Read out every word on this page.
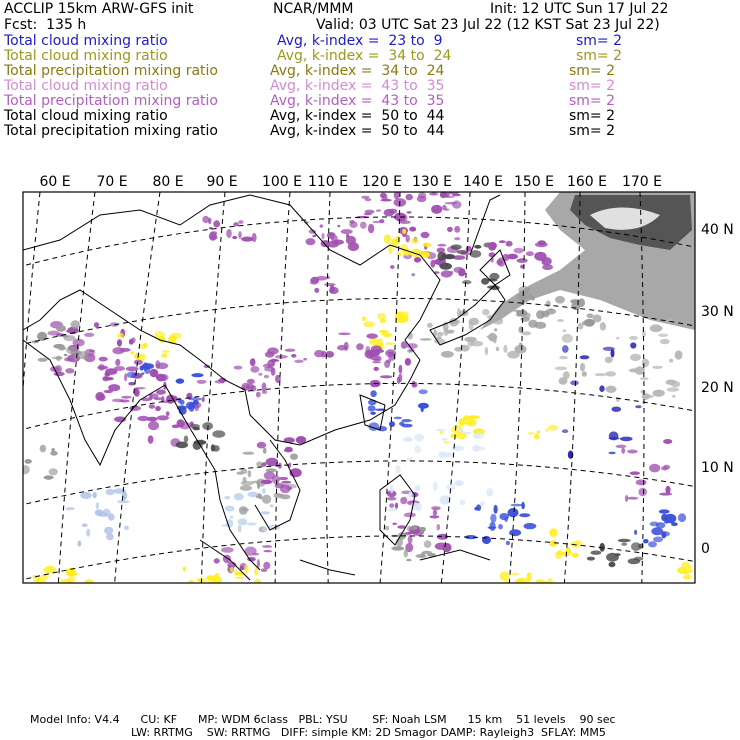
ACCLIP 15km ARW-GFS init	NCAR/MMM	Init: 12 UTC Sun 17 Jul 22
Fcst:  135 h	Valid: 03 UTC Sat 23 Jul 22 (12 KST Sat 23 Jul 22)
Total cloud mixing ratio	Avg, k-index =  23 to  9	sm= 2
Total cloud mixing ratio	Avg, k-index =  34 to  24	sm= 2
Total precipitation mixing ratio	Avg, k-index =  34 to  24	sm= 2
Total cloud mixing ratio	Avg, k-index =  43 to  35	sm= 2
Total precipitation mixing ratio	Avg, k-index =  43 to  35	sm= 2
Total cloud mixing ratio	Avg, k-index =  50 to  44	sm= 2
Total precipitation mixing ratio	Avg, k-index =  50 to  44	sm= 2
60 E 70 E 80 E 90 E 100 E 110 E 120 E 130 E 140 E 150 E 160 E 170 E
40 N
30 N
20 N
10 N
0
Model Info: V4.4      CU: KF      MP: WDM 6class   PBL: YSU       SF: Noah LSM      15 km    51 levels    90 sec
LW: RRTMG    SW: RRTMG   DIFF: simple KM: 2D Smagor DAMP: Rayleigh3  SFLAY: MM5
